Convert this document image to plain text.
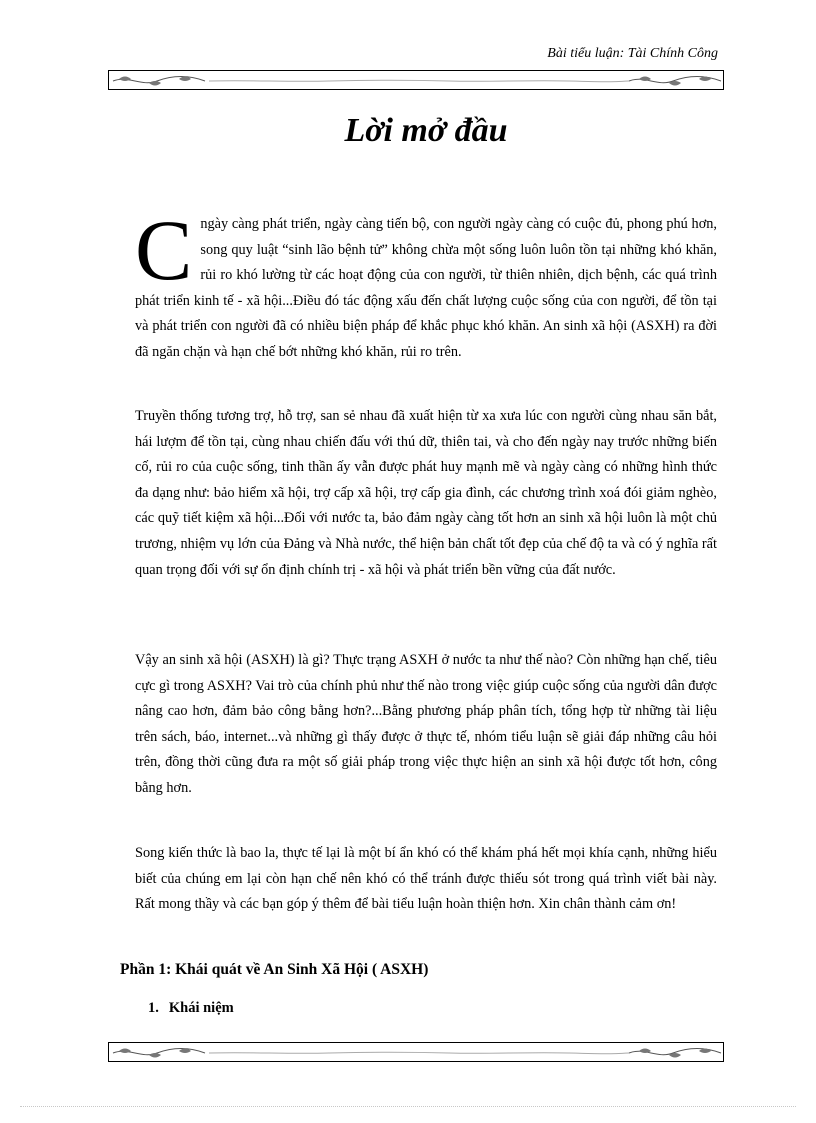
Bài tiểu luận: Tài Chính Công
Lời mở đầu
C ngày càng phát triển, ngày càng tiến bộ, con người ngày càng có cuộc đủ, phong phú hơn, song quy luật “sinh lão bệnh tử” không chừa một sống luôn luôn tồn tại những khó khăn, rủi ro khó lường từ các hoạt động của con người, từ thiên nhiên, dịch bệnh, các quá trình phát triển kinh tế - xã hội...Điều đó tác động xấu đến chất lượng cuộc sống của con người, để tồn tại và phát triển con người đã có nhiều biện pháp để khắc phục khó khăn. An sinh xã hội (ASXH) ra đời đã ngăn chặn và hạn chế bớt những khó khăn, rủi ro trên.
Truyền thống tương trợ, hỗ trợ, san sẻ nhau đã xuất hiện từ xa xưa lúc con người cùng nhau săn bắt, hái lượm để tồn tại, cùng nhau chiến đấu với thú dữ, thiên tai, và cho đến ngày nay trước những biến cố, rủi ro của cuộc sống, tinh thần ấy vẫn được phát huy mạnh mẽ và ngày càng có những hình thức đa dạng như: bảo hiểm xã hội, trợ cấp xã hội, trợ cấp gia đình, các chương trình xoá đói giảm nghèo, các quỹ tiết kiệm xã hội...Đối với nước ta, bảo đảm ngày càng tốt hơn an sinh xã hội luôn là một chủ trương, nhiệm vụ lớn của Đảng và Nhà nước, thể hiện bản chất tốt đẹp của chế độ ta và có ý nghĩa rất quan trọng đối với sự ổn định chính trị - xã hội và phát triển bền vững của đất nước.
Vậy an sinh xã hội (ASXH) là gì? Thực trạng ASXH ở nước ta như thế nào? Còn những hạn chế, tiêu cực gì trong ASXH? Vai trò của chính phủ như thế nào trong việc giúp cuộc sống của người dân được nâng cao hơn, đảm bảo công bằng hơn?...Bằng phương pháp phân tích, tổng hợp từ những tài liệu trên sách, báo, internet...và những gì thấy được ở thực tế, nhóm tiểu luận sẽ giải đáp những câu hỏi trên, đồng thời cũng đưa ra một số giải pháp trong việc thực hiện an sinh xã hội được tốt hơn, công bằng hơn.
Song kiến thức là bao la, thực tế lại là một bí ẩn khó có thể khám phá hết mọi khía cạnh, những hiểu biết của chúng em lại còn hạn chế nên khó có thể tránh được thiếu sót trong quá trình viết bài này. Rất mong thầy và các bạn góp ý thêm để bài tiểu luận hoàn thiện hơn. Xin chân thành cảm ơn!
Phần 1: Khái quát về An Sinh Xã Hội ( ASXH)
1. Khái niệm
